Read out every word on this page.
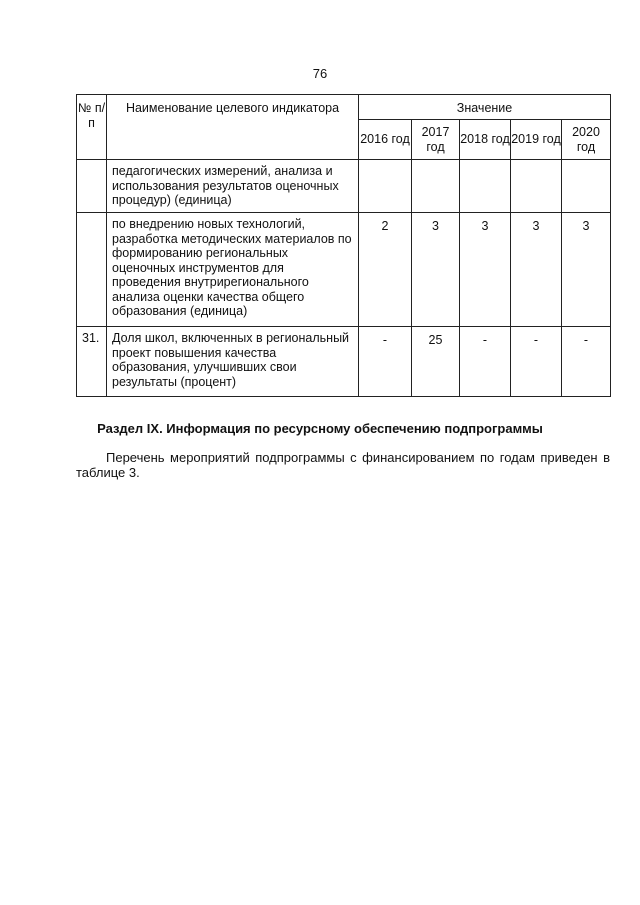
76
№ п/п	Наименование целевого индикатора	Значение				
		2016 год	2017 год	2018 год	2019 год	2020 год
	педагогических измерений, анализа и использования результатов оценочных процедур) (единица)					
	по внедрению новых технологий, разработка методических материалов по формированию региональных оценочных инструментов для проведения внутрирегионального анализа оценки качества общего образования (единица)	2	3	3	3	3
31.	Доля школ, включенных в региональный проект повышения качества образования, улучшивших свои результаты (процент)	-	25	-	-	-
Раздел IX. Информация по ресурсному обеспечению подпрограммы

Перечень мероприятий подпрограммы с финансированием по годам приведен в таблице 3.
